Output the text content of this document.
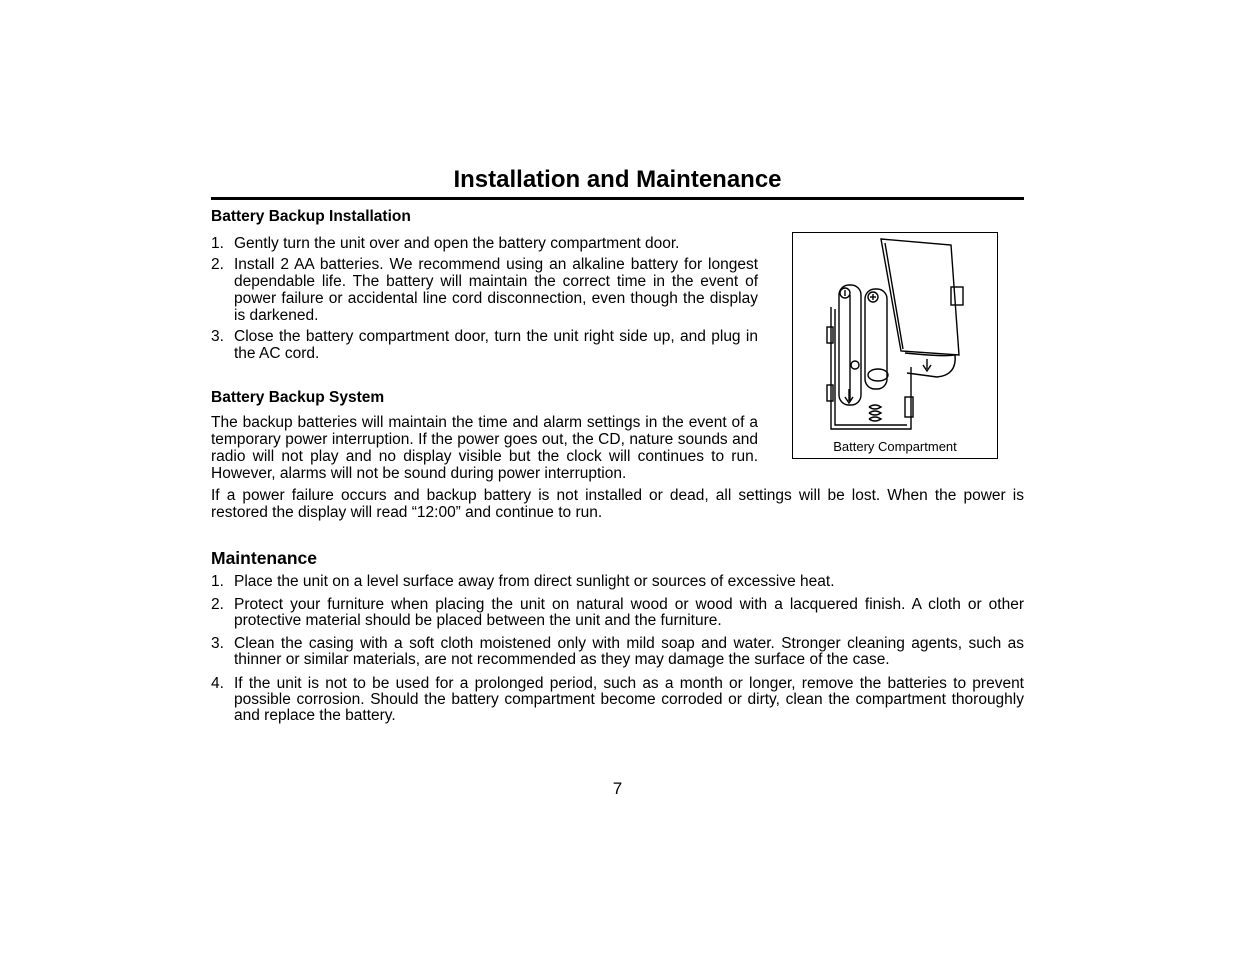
Installation and Maintenance
Battery Backup Installation
1. Gently turn the unit over and open the battery compartment door.
2. Install 2 AA batteries. We recommend using an alkaline battery for longest dependable life. The battery will maintain the correct time in the event of power failure or accidental line cord disconnection, even though the display is darkened.
3. Close the battery compartment door, turn the unit right side up, and plug in the AC cord.
Battery Backup System

The backup batteries will maintain the time and alarm settings in the event of a temporary power interruption. If the power goes out, the CD, nature sounds and radio will not play and no display visible but the clock will continues to run. However, alarms will not be sound during power interruption.

If a power failure occurs and backup battery is not installed or dead, all settings will be lost. When the power is restored the display will read “12:00” and continue to run.

Battery Compartment
Maintenance
1. Place the unit on a level surface away from direct sunlight or sources of excessive heat.
2. Protect your furniture when placing the unit on natural wood or wood with a lacquered finish. A cloth or other protective material should be placed between the unit and the furniture.
3. Clean the casing with a soft cloth moistened only with mild soap and water. Stronger cleaning agents, such as thinner or similar materials, are not recommended as they may damage the surface of the case.
4. If the unit is not to be used for a prolonged period, such as a month or longer, remove the batteries to prevent possible corrosion. Should the battery compartment become corroded or dirty, clean the compartment thoroughly and replace the battery.
7
